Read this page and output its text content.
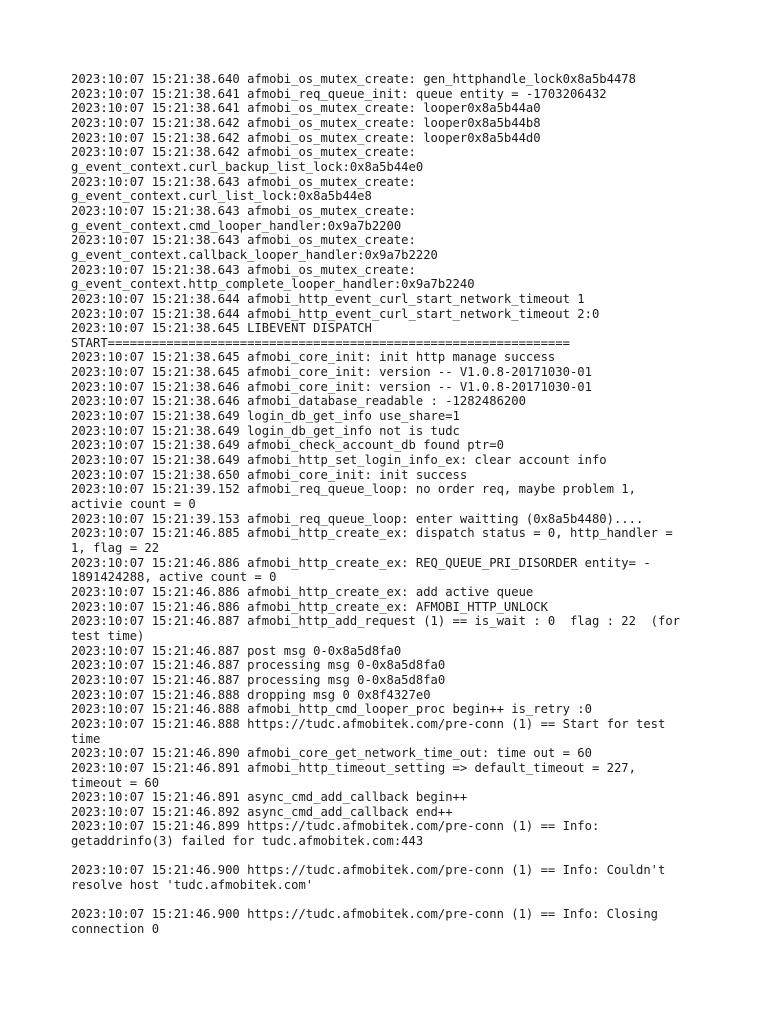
2023:10:07 15:21:38.640 afmobi_os_mutex_create: gen_httphandle_lock0x8a5b4478
2023:10:07 15:21:38.641 afmobi_req_queue_init: queue entity = -1703206432
2023:10:07 15:21:38.641 afmobi_os_mutex_create: looper0x8a5b44a0
2023:10:07 15:21:38.642 afmobi_os_mutex_create: looper0x8a5b44b8
2023:10:07 15:21:38.642 afmobi_os_mutex_create: looper0x8a5b44d0
2023:10:07 15:21:38.642 afmobi_os_mutex_create:
g_event_context.curl_backup_list_lock:0x8a5b44e0
2023:10:07 15:21:38.643 afmobi_os_mutex_create:
g_event_context.curl_list_lock:0x8a5b44e8
2023:10:07 15:21:38.643 afmobi_os_mutex_create:
g_event_context.cmd_looper_handler:0x9a7b2200
2023:10:07 15:21:38.643 afmobi_os_mutex_create:
g_event_context.callback_looper_handler:0x9a7b2220
2023:10:07 15:21:38.643 afmobi_os_mutex_create:
g_event_context.http_complete_looper_handler:0x9a7b2240
2023:10:07 15:21:38.644 afmobi_http_event_curl_start_network_timeout 1
2023:10:07 15:21:38.644 afmobi_http_event_curl_start_network_timeout 2:0
2023:10:07 15:21:38.645 LIBEVENT DISPATCH
START===============================================================
2023:10:07 15:21:38.645 afmobi_core_init: init http manage success
2023:10:07 15:21:38.645 afmobi_core_init: version -- V1.0.8-20171030-01
2023:10:07 15:21:38.646 afmobi_core_init: version -- V1.0.8-20171030-01
2023:10:07 15:21:38.646 afmobi_database_readable : -1282486200
2023:10:07 15:21:38.649 login_db_get_info use_share=1
2023:10:07 15:21:38.649 login_db_get_info not is tudc
2023:10:07 15:21:38.649 afmobi_check_account_db found ptr=0
2023:10:07 15:21:38.649 afmobi_http_set_login_info_ex: clear account info
2023:10:07 15:21:38.650 afmobi_core_init: init success
2023:10:07 15:21:39.152 afmobi_req_queue_loop: no order req, maybe problem 1,
activie count = 0
2023:10:07 15:21:39.153 afmobi_req_queue_loop: enter waitting (0x8a5b4480)....
2023:10:07 15:21:46.885 afmobi_http_create_ex: dispatch status = 0, http_handler =
1, flag = 22
2023:10:07 15:21:46.886 afmobi_http_create_ex: REQ_QUEUE_PRI_DISORDER entity= -
1891424288, active count = 0
2023:10:07 15:21:46.886 afmobi_http_create_ex: add active queue
2023:10:07 15:21:46.886 afmobi_http_create_ex: AFMOBI_HTTP_UNLOCK
2023:10:07 15:21:46.887 afmobi_http_add_request (1) == is_wait : 0  flag : 22  (for
test time)
2023:10:07 15:21:46.887 post msg 0-0x8a5d8fa0
2023:10:07 15:21:46.887 processing msg 0-0x8a5d8fa0
2023:10:07 15:21:46.887 processing msg 0-0x8a5d8fa0
2023:10:07 15:21:46.888 dropping msg 0 0x8f4327e0
2023:10:07 15:21:46.888 afmobi_http_cmd_looper_proc begin++ is_retry :0
2023:10:07 15:21:46.888 https://tudc.afmobitek.com/pre-conn (1) == Start for test
time
2023:10:07 15:21:46.890 afmobi_core_get_network_time_out: time out = 60
2023:10:07 15:21:46.891 afmobi_http_timeout_setting => default_timeout = 227,
timeout = 60
2023:10:07 15:21:46.891 async_cmd_add_callback begin++
2023:10:07 15:21:46.892 async_cmd_add_callback end++
2023:10:07 15:21:46.899 https://tudc.afmobitek.com/pre-conn (1) == Info:
getaddrinfo(3) failed for tudc.afmobitek.com:443
2023:10:07 15:21:46.900 https://tudc.afmobitek.com/pre-conn (1) == Info: Couldn't
resolve host 'tudc.afmobitek.com'
2023:10:07 15:21:46.900 https://tudc.afmobitek.com/pre-conn (1) == Info: Closing
connection 0
